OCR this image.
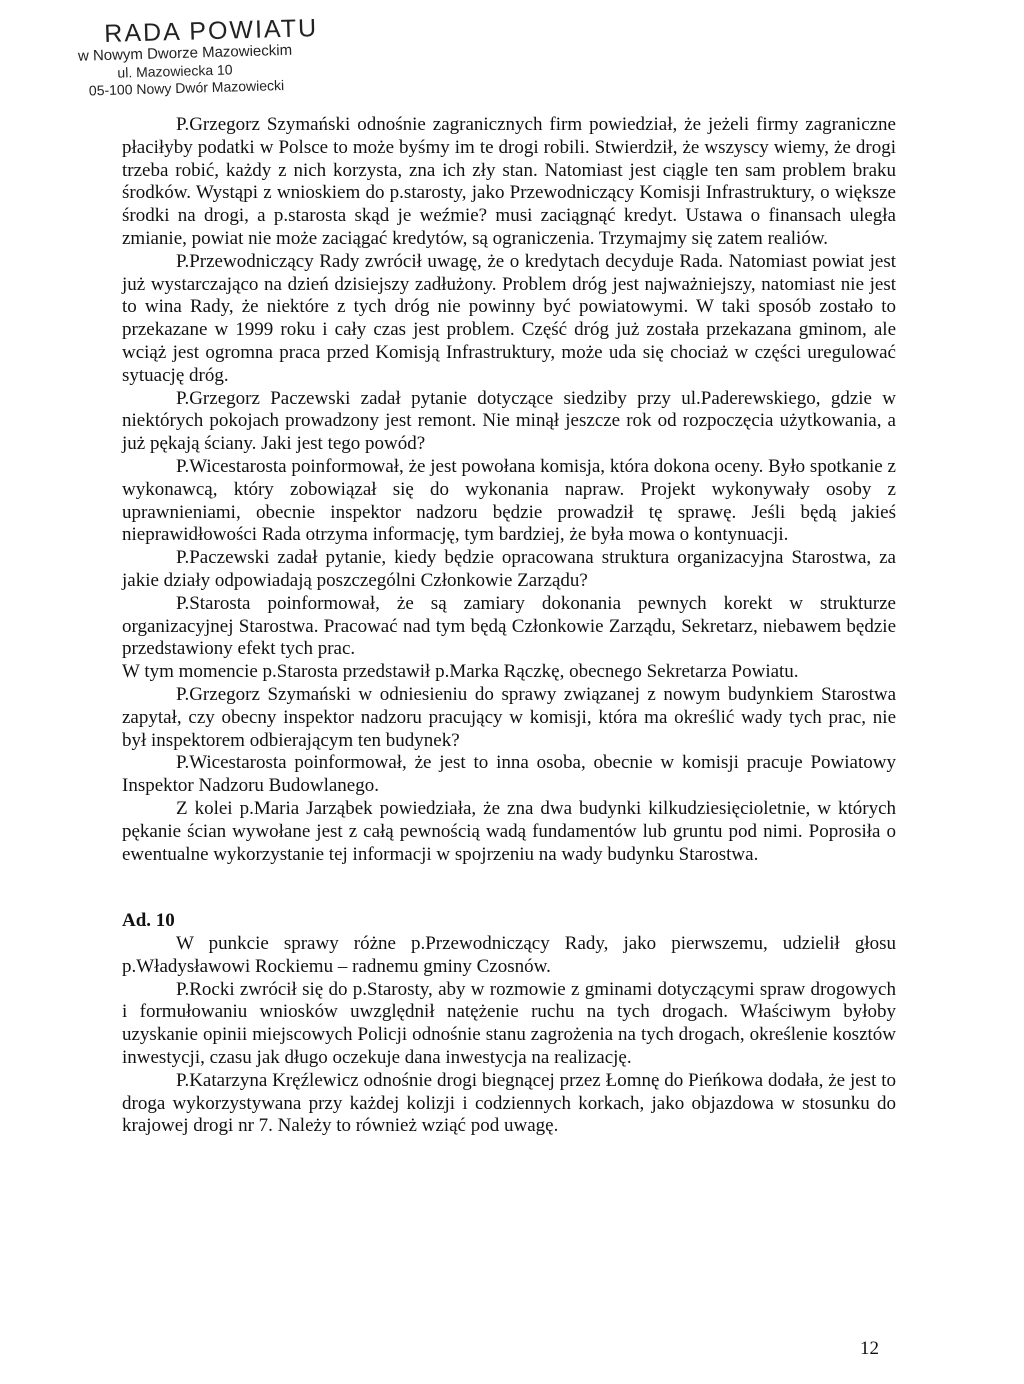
RADA POWIATU
w Nowym Dworze Mazowieckim
ul. Mazowiecka 10
05-100 Nowy Dwór Mazowiecki

P.Grzegorz Szymański odnośnie zagranicznych firm powiedział, że jeżeli firmy zagraniczne płaciłyby podatki w Polsce to może byśmy im te drogi robili. Stwierdził, że wszyscy wiemy, że drogi trzeba robić, każdy z nich korzysta, zna ich zły stan. Natomiast jest ciągle ten sam problem braku środków. Wystąpi z wnioskiem do p.starosty, jako Przewodniczący Komisji Infrastruktury, o większe środki na drogi, a p.starosta skąd je weźmie? musi zaciągnąć kredyt. Ustawa o finansach uległa zmianie, powiat nie może zaciągać kredytów, są ograniczenia. Trzymajmy się zatem realiów.

P.Przewodniczący Rady zwrócił uwagę, że o kredytach decyduje Rada. Natomiast powiat jest już wystarczająco na dzień dzisiejszy zadłużony. Problem dróg jest najważniejszy, natomiast nie jest to wina Rady, że niektóre z tych dróg nie powinny być powiatowymi. W taki sposób zostało to przekazane w 1999 roku i cały czas jest problem. Część dróg już została przekazana gminom, ale wciąż jest ogromna praca przed Komisją Infrastruktury, może uda się chociaż w części uregulować sytuację dróg.

P.Grzegorz Paczewski zadał pytanie dotyczące siedziby przy ul.Paderewskiego, gdzie w niektórych pokojach prowadzony jest remont. Nie minął jeszcze rok od rozpoczęcia użytkowania, a już pękają ściany. Jaki jest tego powód?

P.Wicestarosta poinformował, że jest powołana komisja, która dokona oceny. Było spotkanie z wykonawcą, który zobowiązał się do wykonania napraw. Projekt wykonywały osoby z uprawnieniami, obecnie inspektor nadzoru będzie prowadził tę sprawę. Jeśli będą jakieś nieprawidłowości Rada otrzyma informację, tym bardziej, że była mowa o kontynuacji.

P.Paczewski zadał pytanie, kiedy będzie opracowana struktura organizacyjna Starostwa, za jakie działy odpowiadają poszczególni Członkowie Zarządu?

P.Starosta poinformował, że są zamiary dokonania pewnych korekt w strukturze organizacyjnej Starostwa. Pracować nad tym będą Członkowie Zarządu, Sekretarz, niebawem będzie przedstawiony efekt tych prac.

W tym momencie p.Starosta przedstawił p.Marka Rączkę, obecnego Sekretarza Powiatu.

P.Grzegorz Szymański w odniesieniu do sprawy związanej z nowym budynkiem Starostwa zapytał, czy obecny inspektor nadzoru pracujący w komisji, która ma określić wady tych prac, nie był inspektorem odbierającym ten budynek?

P.Wicestarosta poinformował, że jest to inna osoba, obecnie w komisji pracuje Powiatowy Inspektor Nadzoru Budowlanego.

Z kolei p.Maria Jarząbek powiedziała, że zna dwa budynki kilkudziesięcioletnie, w których pękanie ścian wywołane jest z całą pewnością wadą fundamentów lub gruntu pod nimi. Poprosiła o ewentualne wykorzystanie tej informacji w spojrzeniu na wady budynku Starostwa.

Ad. 10

W punkcie sprawy różne p.Przewodniczący Rady, jako pierwszemu, udzielił głosu p.Władysławowi Rockiemu – radnemu gminy Czosnów.

P.Rocki zwrócił się do p.Starosty, aby w rozmowie z gminami dotyczącymi spraw drogowych i formułowaniu wniosków uwzględnił natężenie ruchu na tych drogach. Właściwym byłoby uzyskanie opinii miejscowych Policji odnośnie stanu zagrożenia na tych drogach, określenie kosztów inwestycji, czasu jak długo oczekuje dana inwestycja na realizację.

P.Katarzyna Kręźlewicz odnośnie drogi biegnącej przez Łomnę do Pieńkowa dodała, że jest to droga wykorzystywana przy każdej kolizji i codziennych korkach, jako objazdowa w stosunku do krajowej drogi nr 7. Należy to również wziąć pod uwagę.

12
